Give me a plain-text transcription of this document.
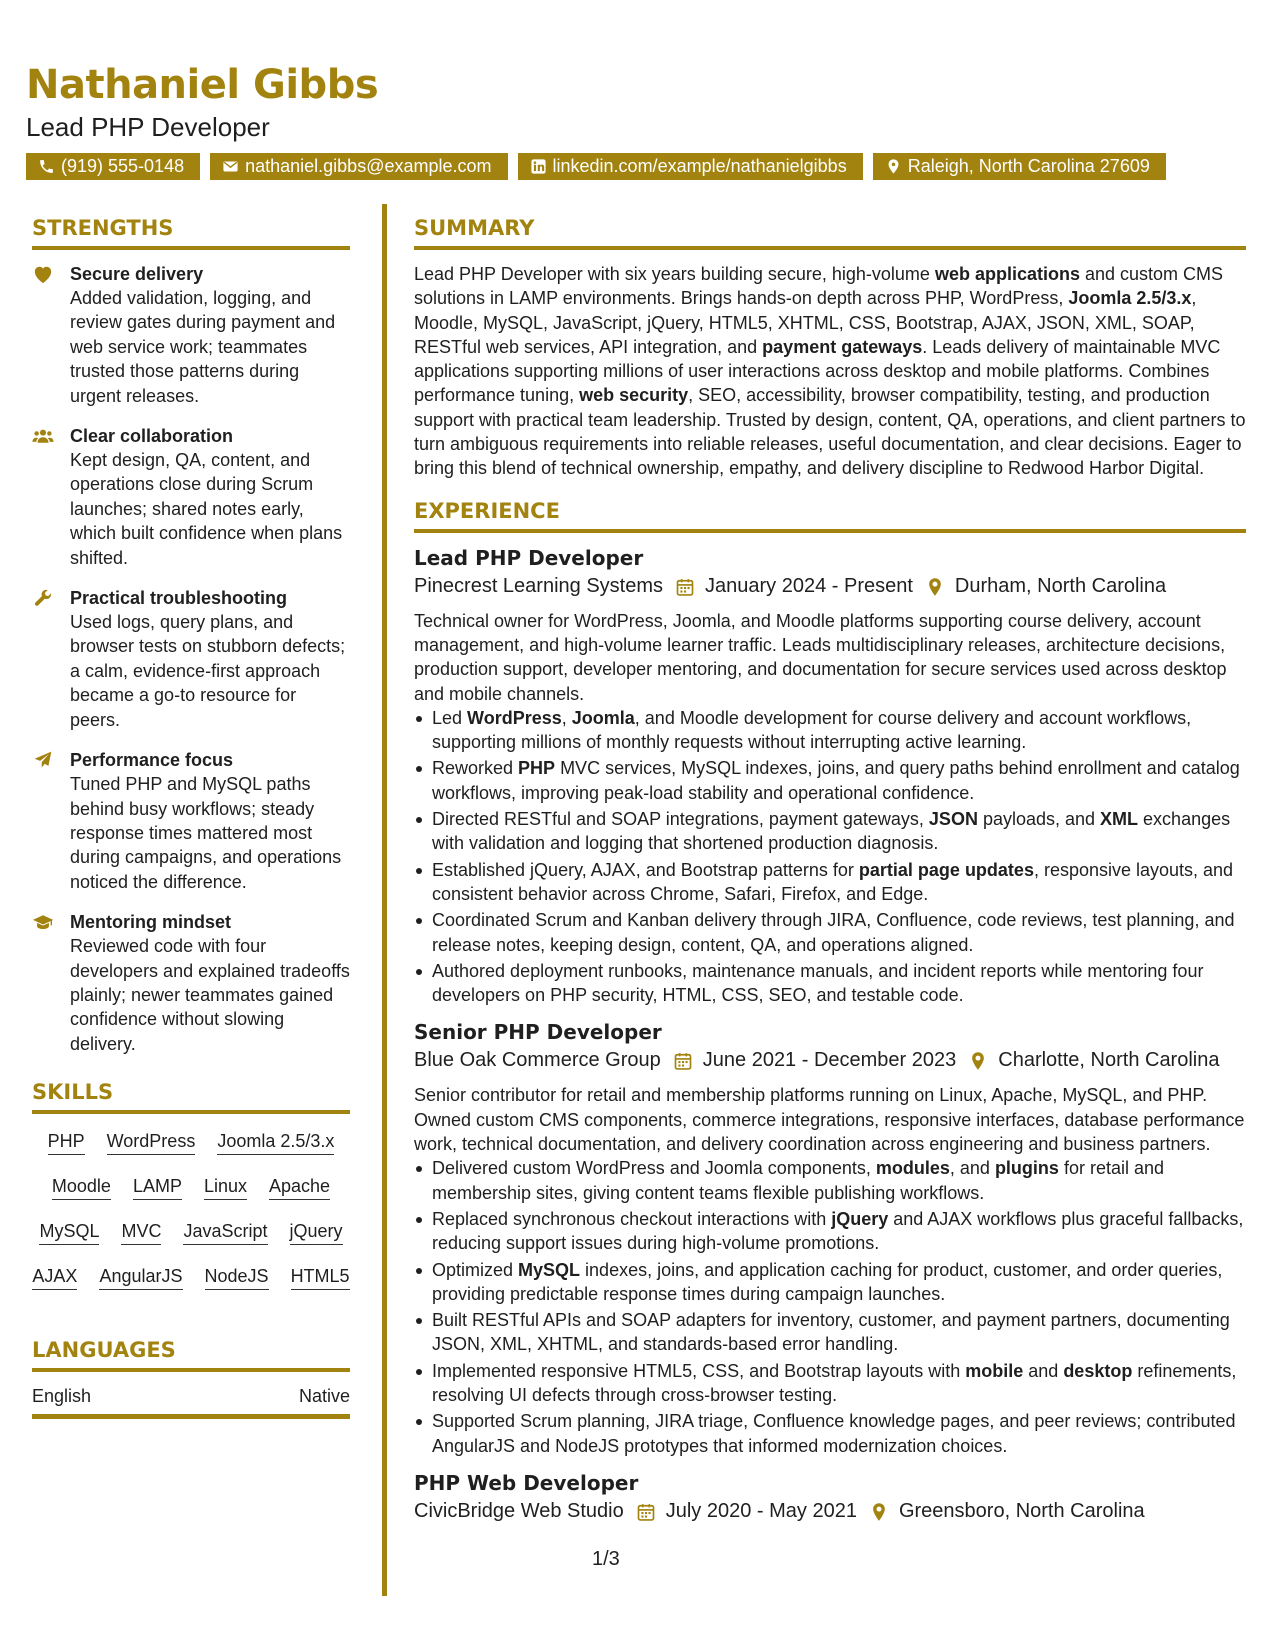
Nathaniel Gibbs
Lead PHP Developer
(919) 555-0148	nathaniel.gibbs@example.com	linkedin.com/example/nathanielgibbs	Raleigh, North Carolina 27609
STRENGTHS
Secure delivery
Added validation, logging, and review gates during payment and web service work; teammates trusted those patterns during urgent releases.
Clear collaboration
Kept design, QA, content, and operations close during Scrum launches; shared notes early, which built confidence when plans shifted.
Practical troubleshooting
Used logs, query plans, and browser tests on stubborn defects; a calm, evidence-first approach became a go-to resource for peers.
Performance focus
Tuned PHP and MySQL paths behind busy workflows; steady response times mattered most during campaigns, and operations noticed the difference.
Mentoring mindset
Reviewed code with four developers and explained tradeoffs plainly; newer teammates gained confidence without slowing delivery.
SKILLS
PHP WordPress Joomla 2.5/3.x
Moodle LAMP Linux Apache
MySQL MVC JavaScript jQuery
AJAX AngularJS NodeJS HTML5
LANGUAGES
English	Native
SUMMARY

Lead PHP Developer with six years building secure, high-volume web applications and custom CMS solutions in LAMP environments. Brings hands-on depth across PHP, WordPress, Joomla 2.5/3.x, Moodle, MySQL, JavaScript, jQuery, HTML5, XHTML, CSS, Bootstrap, AJAX, JSON, XML, SOAP, RESTful web services, API integration, and payment gateways. Leads delivery of maintainable MVC applications supporting millions of user interactions across desktop and mobile platforms. Combines performance tuning, web security, SEO, accessibility, browser compatibility, testing, and production support with practical team leadership. Trusted by design, content, QA, operations, and client partners to turn ambiguous requirements into reliable releases, useful documentation, and clear decisions. Eager to bring this blend of technical ownership, empathy, and delivery discipline to Redwood Harbor Digital.

EXPERIENCE
Lead PHP Developer
Pinecrest Learning Systems January 2024 - Present Durham, North Carolina

Technical owner for WordPress, Joomla, and Moodle platforms supporting course delivery, account management, and high-volume learner traffic. Leads multidisciplinary releases, architecture decisions, production support, developer mentoring, and documentation for secure services used across desktop and mobile channels.

Led WordPress, Joomla, and Moodle development for course delivery and account workflows, supporting millions of monthly requests without interrupting active learning.
Reworked PHP MVC services, MySQL indexes, joins, and query paths behind enrollment and catalog workflows, improving peak-load stability and operational confidence.
Directed RESTful and SOAP integrations, payment gateways, JSON payloads, and XML exchanges with validation and logging that shortened production diagnosis.
Established jQuery, AJAX, and Bootstrap patterns for partial page updates, responsive layouts, and consistent behavior across Chrome, Safari, Firefox, and Edge.
Coordinated Scrum and Kanban delivery through JIRA, Confluence, code reviews, test planning, and release notes, keeping design, content, QA, and operations aligned.
Authored deployment runbooks, maintenance manuals, and incident reports while mentoring four developers on PHP security, HTML, CSS, SEO, and testable code.
Senior PHP Developer
Blue Oak Commerce Group June 2021 - December 2023 Charlotte, North Carolina

Senior contributor for retail and membership platforms running on Linux, Apache, MySQL, and PHP. Owned custom CMS components, commerce integrations, responsive interfaces, database performance work, technical documentation, and delivery coordination across engineering and business partners.

Delivered custom WordPress and Joomla components, modules, and plugins for retail and membership sites, giving content teams flexible publishing workflows.
Replaced synchronous checkout interactions with jQuery and AJAX workflows plus graceful fallbacks, reducing support issues during high-volume promotions.
Optimized MySQL indexes, joins, and application caching for product, customer, and order queries, providing predictable response times during campaign launches.
Built RESTful APIs and SOAP adapters for inventory, customer, and payment partners, documenting JSON, XML, XHTML, and standards-based error handling.
Implemented responsive HTML5, CSS, and Bootstrap layouts with mobile and desktop refinements, resolving UI defects through cross-browser testing.
Supported Scrum planning, JIRA triage, Confluence knowledge pages, and peer reviews; contributed AngularJS and NodeJS prototypes that informed modernization choices.
PHP Web Developer
CivicBridge Web Studio July 2020 - May 2021 Greensboro, North Carolina
1/3
